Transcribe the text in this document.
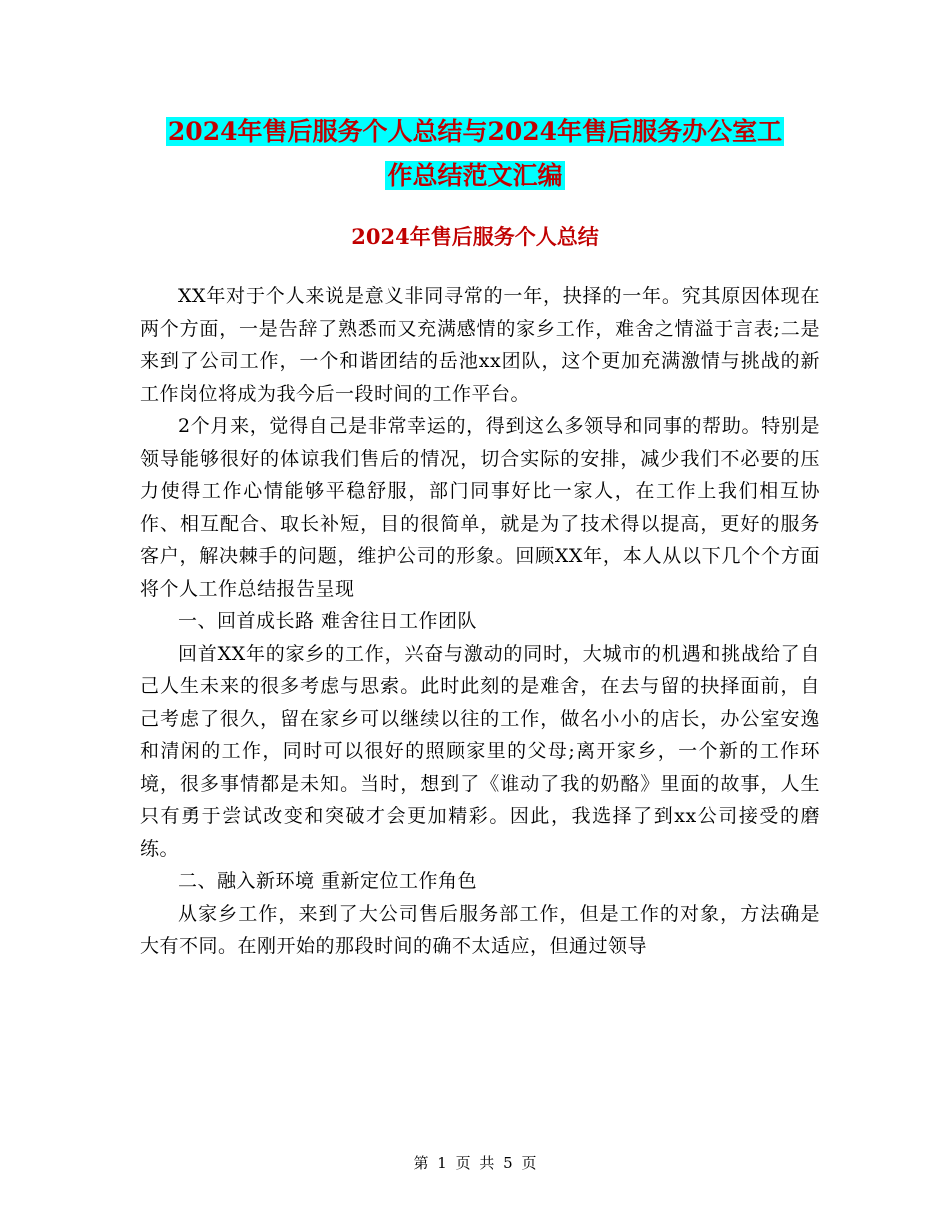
2024年售后服务个人总结与2024年售后服务办公室工
作总结范文汇编
2024年售后服务个人总结

XX年对于个人来说是意义非同寻常的一年，抉择的一年。究其原因体现在两个方面，一是告辞了熟悉而又充满感情的家乡工作，难舍之情溢于言表;二是来到了公司工作，一个和谐团结的岳池xx团队，这个更加充满激情与挑战的新工作岗位将成为我今后一段时间的工作平台。

2个月来，觉得自己是非常幸运的，得到这么多领导和同事的帮助。特别是领导能够很好的体谅我们售后的情况，切合实际的安排，减少我们不必要的压力使得工作心情能够平稳舒服，部门同事好比一家人，在工作上我们相互协作、相互配合、取长补短，目的很简单，就是为了技术得以提高，更好的服务客户，解决棘手的问题，维护公司的形象。回顾XX年，本人从以下几个个方面将个人工作总结报告呈现

一、回首成长路 难舍往日工作团队

回首XX年的家乡的工作，兴奋与激动的同时，大城市的机遇和挑战给了自己人生未来的很多考虑与思索。此时此刻的是难舍，在去与留的抉择面前，自己考虑了很久，留在家乡可以继续以往的工作，做名小小的店长，办公室安逸和清闲的工作，同时可以很好的照顾家里的父母;离开家乡，一个新的工作环境，很多事情都是未知。当时，想到了《谁动了我的奶酪》里面的故事，人生只有勇于尝试改变和突破才会更加精彩。因此，我选择了到xx公司接受的磨练。

二、融入新环境 重新定位工作角色

从家乡工作，来到了大公司售后服务部工作，但是工作的对象，方法确是大有不同。在刚开始的那段时间的确不太适应，但通过领导

第 1 页 共 5 页
